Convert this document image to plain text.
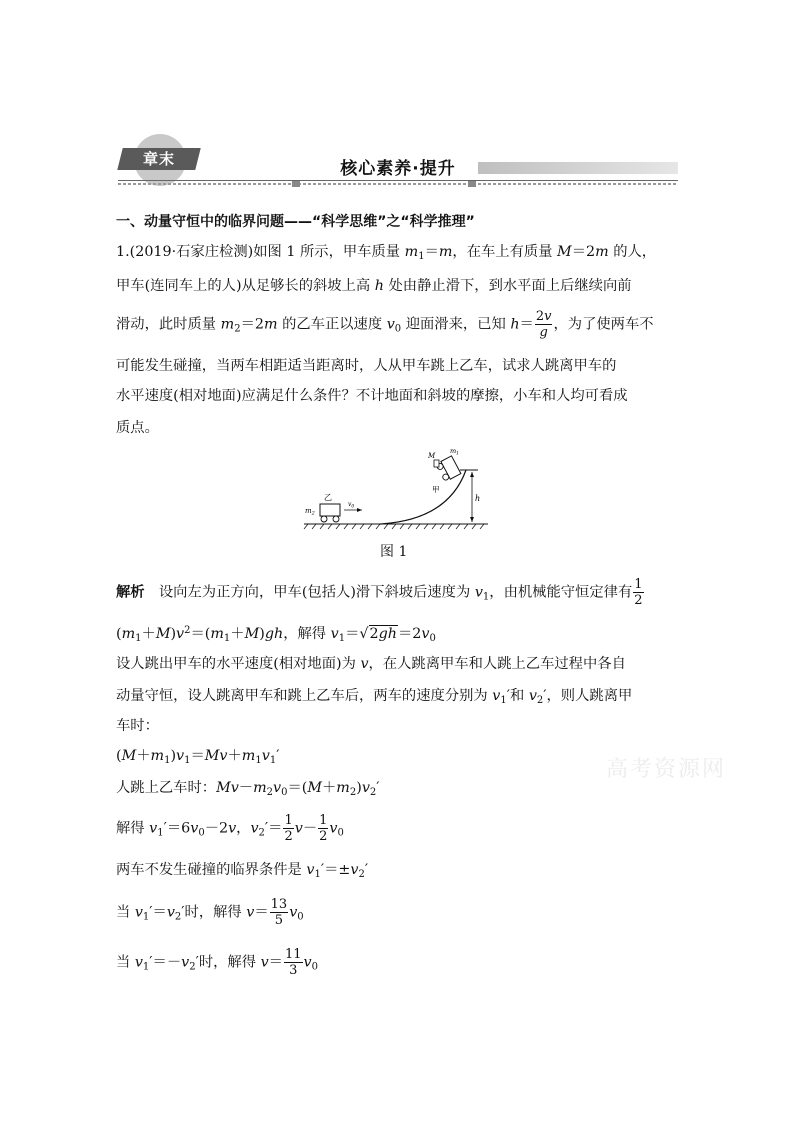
章末	核心素养·提升
一、动量守恒中的临界问题——“科学思维”之“科学推理”
1.(2019·石家庄检测)如图 1 所示，甲车质量 $m_1=m$，在车上有质量 M＝2m 的人，
甲车(连同车上的人)从足够长的斜坡上高 h 处由静止滑下，到水平面上后继续向前
滑动，此时质量 $m_2=2m$ 的乙车正以速度 $v_0$ 迎面滑来，已知 $h= \frac{2v}{g}$ ，为了使两车不
可能发生碰撞，当两车相距适当距离时，人从甲车跳上乙车，试求人跳离甲车的
水平速度(相对地面)应满足什么条件？不计地面和斜坡的摩擦，小车和人均可看成
质点。
h
乙
$m_2$
$v_0$
M
$m_1$
甲
图 1
解析　 设向左为正方向，甲车(包括人)滑下斜坡后速度为 $v_1$，由机械能守恒定律有 $\frac{1}{2}$
$(m_1+M)v^2=(m_1+M)gh$，解得 $v_1=√2gh=2v_0$
设人跳出甲车的水平速度(相对地面)为 v，在人跳离甲车和人跳上乙车过程中各自
动量守恒，设人跳离甲车和跳上乙车后，两车的速度分别为 $v_1'$和 $v_2'$，则人跳离甲
车时：
$(M+m_1)v_1=Mv+m_1v_1'$
人跳上乙车时：$Mv-m_2v_0=(M+m_2)v_2'$
解得 $v_1'=6v_0-2v$，$v_2'= \frac{1}{2} v- \frac{1}{2} v_0$
两车不发生碰撞的临界条件是 $v_1'=\pm v_2'$
当 $v_1'=v_2'$时，解得 $v= \frac{13}{5} v_0$
当 $v_1'=-v_2'$时，解得 $v= \frac{11}{3} v_0$
高考资源网
